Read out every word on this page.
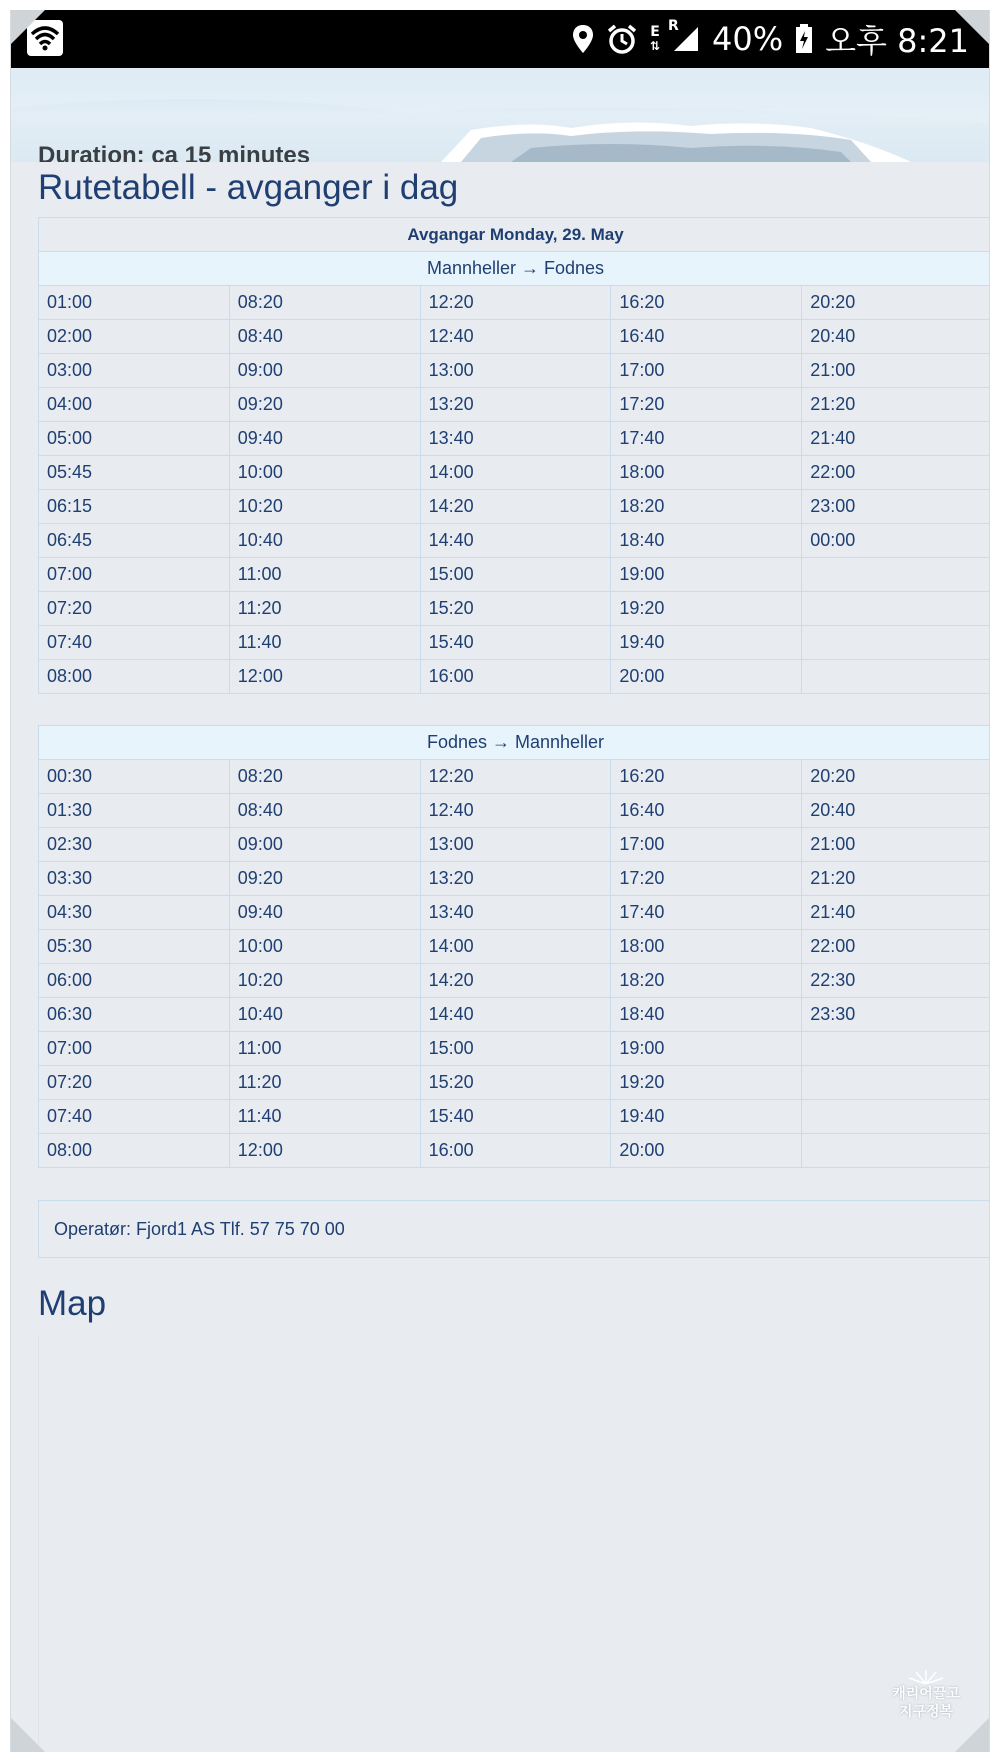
E
⇅
R 40% 오후 8:21
Duration: ca 15 minutes
Rutetabell - avganger i dag
Avgangar Monday, 29. May				
Mannheller → Fodnes				
01:00	08:20	12:20	16:20	20:20
02:00	08:40	12:40	16:40	20:40
03:00	09:00	13:00	17:00	21:00
04:00	09:20	13:20	17:20	21:20
05:00	09:40	13:40	17:40	21:40
05:45	10:00	14:00	18:00	22:00
06:15	10:20	14:20	18:20	23:00
06:45	10:40	14:40	18:40	00:00
07:00	11:00	15:00	19:00	
07:20	11:20	15:20	19:20	
07:40	11:40	15:40	19:40	
08:00	12:00	16:00	20:00	
Fodnes → Mannheller				
00:30	08:20	12:20	16:20	20:20
01:30	08:40	12:40	16:40	20:40
02:30	09:00	13:00	17:00	21:00
03:30	09:20	13:20	17:20	21:20
04:30	09:40	13:40	17:40	21:40
05:30	10:00	14:00	18:00	22:00
06:00	10:20	14:20	18:20	22:30
06:30	10:40	14:40	18:40	23:30
07:00	11:00	15:00	19:00	
07:20	11:20	15:20	19:20	
07:40	11:40	15:40	19:40	
08:00	12:00	16:00	20:00	
Operatør: Fjord1 AS Tlf. 57 75 70 00
Map
캐리어끌고
지구정복
